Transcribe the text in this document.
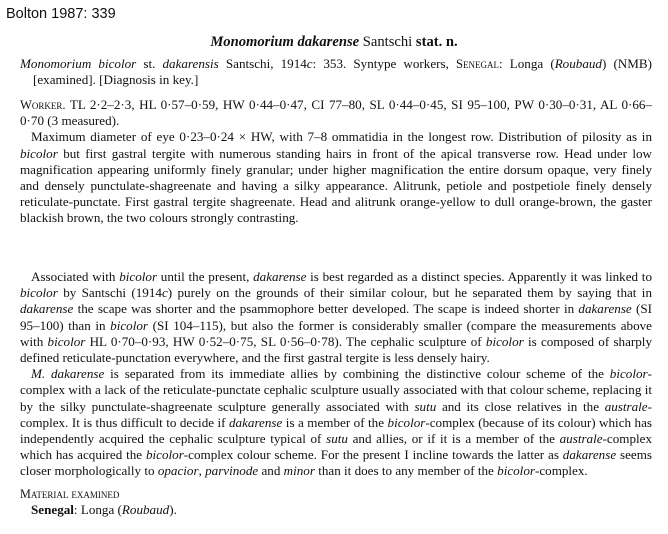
Bolton 1987: 339
Monomorium dakarense Santschi stat. n.

Monomorium bicolor st. dakarensis Santschi, 1914c: 353. Syntype workers, Senegal: Longa (Roubaud) (NMB) [examined]. [Diagnosis in key.]

Worker. TL 2·2–2·3, HL 0·57–0·59, HW 0·44–0·47, CI 77–80, SL 0·44–0·45, SI 95–100, PW 0·30–0·31, AL 0·66–0·70 (3 measured).

Maximum diameter of eye 0·23–0·24 × HW, with 7–8 ommatidia in the longest row. Distribution of pilosity as in bicolor but first gastral tergite with numerous standing hairs in front of the apical transverse row. Head under low magnification appearing uniformly finely granular; under higher magnification the entire dorsum opaque, very finely and densely punctulate-shagreenate and having a silky appearance. Alitrunk, petiole and postpetiole finely densely reticulate-punctate. First gastral tergite shagreenate. Head and alitrunk orange-yellow to dull orange-brown, the gaster blackish brown, the two colours strongly contrasting.

Associated with bicolor until the present, dakarense is best regarded as a distinct species. Apparently it was linked to bicolor by Santschi (1914c) purely on the grounds of their similar colour, but he separated them by saying that in dakarense the scape was shorter and the psammophore better developed. The scape is indeed shorter in dakarense (SI 95–100) than in bicolor (SI 104–115), but also the former is considerably smaller (compare the measurements above with bicolor HL 0·70–0·93, HW 0·52–0·75, SL 0·56–0·78). The cephalic sculpture of bicolor is composed of sharply defined reticulate-punctation everywhere, and the first gastral tergite is less densely hairy.

M. dakarense is separated from its immediate allies by combining the distinctive colour scheme of the bicolor-complex with a lack of the reticulate-punctate cephalic sculpture usually associated with that colour scheme, replacing it by the silky punctulate-shagreenate sculpture generally associated with sutu and its close relatives in the australe-complex. It is thus difficult to decide if dakarense is a member of the bicolor-complex (because of its colour) which has independently acquired the cephalic sculpture typical of sutu and allies, or if it is a member of the australe-complex which has acquired the bicolor-complex colour scheme. For the present I incline towards the latter as dakarense seems closer morphologically to opacior, parvinode and minor than it does to any member of the bicolor-complex.

Material examined

Senegal: Longa (Roubaud).
